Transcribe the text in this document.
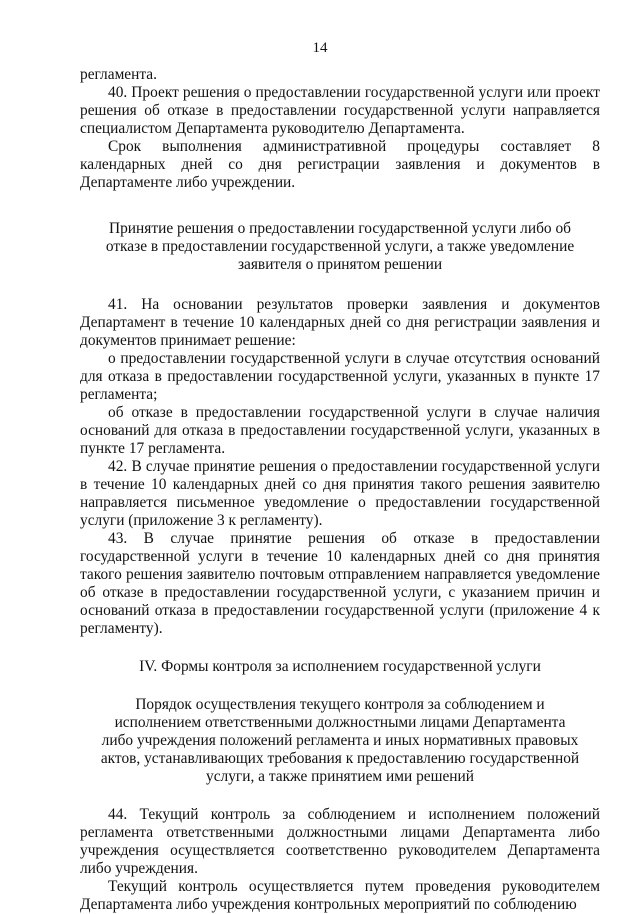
14

регламента.

40. Проект решения о предоставлении государственной услуги или проект решения об отказе в предоставлении государственной услуги направляется специалистом Департамента руководителю Департамента.

Срок выполнения административной процедуры составляет 8 календарных дней со дня регистрации заявления и документов в Департаменте либо учреждении.

Принятие решения о предоставлении государственной услуги либо об отказе в предоставлении государственной услуги, а также уведомление заявителя о принятом решении

41. На основании результатов проверки заявления и документов Департамент в течение 10 календарных дней со дня регистрации заявления и документов принимает решение:

о предоставлении государственной услуги в случае отсутствия оснований для отказа в предоставлении государственной услуги, указанных в пункте 17 регламента;

об отказе в предоставлении государственной услуги в случае наличия оснований для отказа в предоставлении государственной услуги, указанных в пункте 17 регламента.

42. В случае принятие решения о предоставлении государственной услуги в течение 10 календарных дней со дня принятия такого решения заявителю направляется письменное уведомление о предоставлении государственной услуги (приложение 3 к регламенту).

43. В случае принятие решения об отказе в предоставлении государственной услуги в течение 10 календарных дней со дня принятия такого решения заявителю почтовым отправлением направляется уведомление об отказе в предоставлении государственной услуги, с указанием причин и оснований отказа в предоставлении государственной услуги (приложение 4 к регламенту).

IV. Формы контроля за исполнением государственной услуги

Порядок осуществления текущего контроля за соблюдением и исполнением ответственными должностными лицами Департамента либо учреждения положений регламента и иных нормативных правовых актов, устанавливающих требования к предоставлению государственной услуги, а также принятием ими решений

44. Текущий контроль за соблюдением и исполнением положений регламента ответственными должностными лицами Департамента либо учреждения осуществляется соответственно руководителем Департамента либо учреждения.

Текущий контроль осуществляется путем проведения руководителем Департамента либо учреждения контрольных мероприятий по соблюдению
